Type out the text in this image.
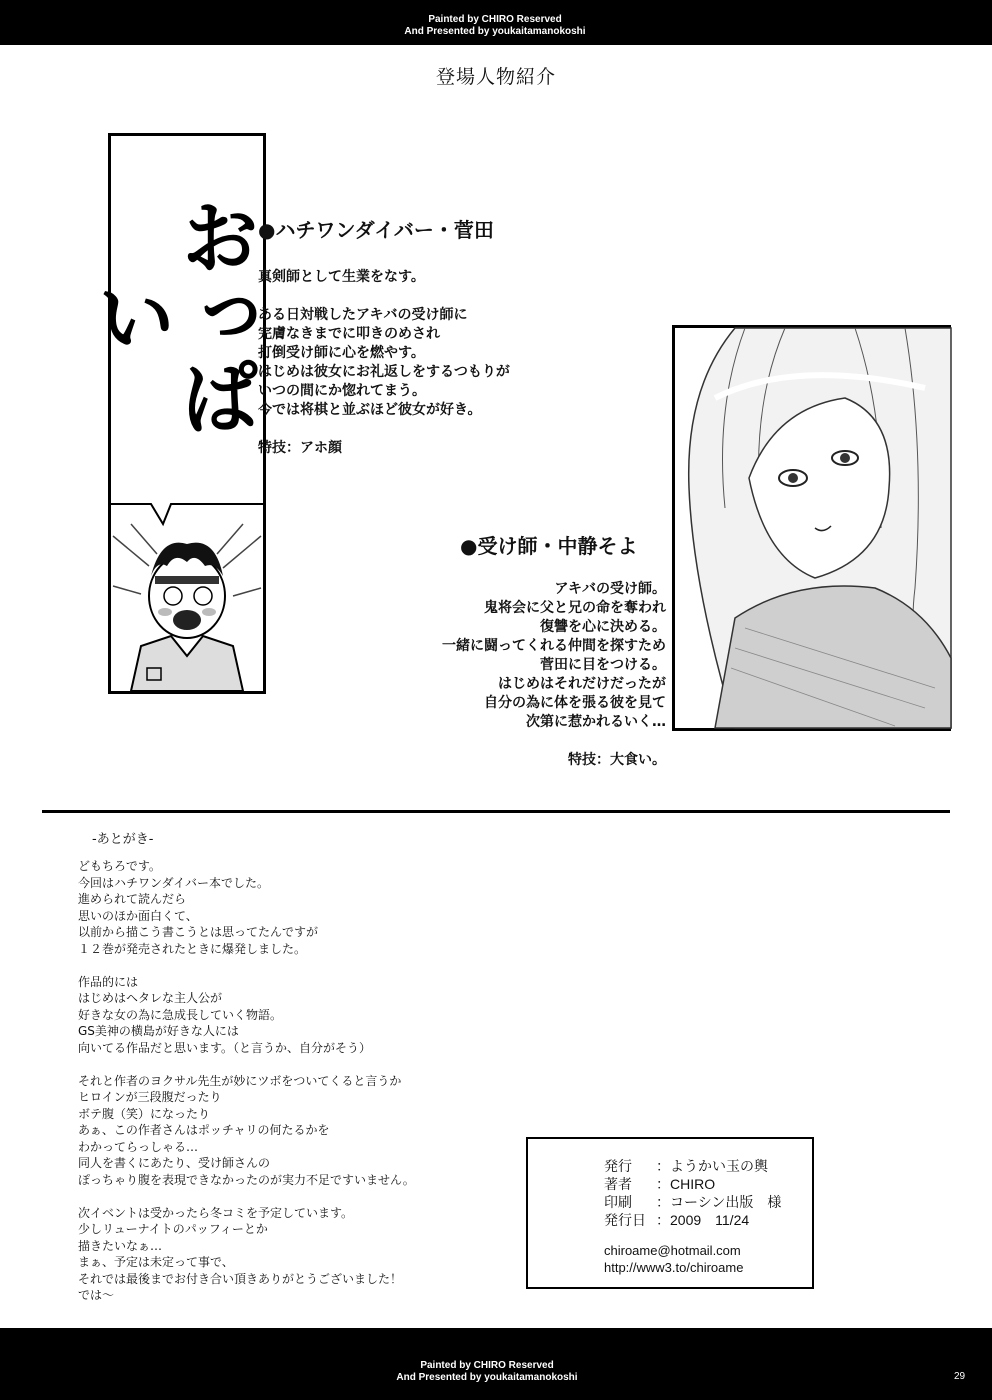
Painted by CHIRO Reserved
And Presented by youkaitamanokoshi
登場人物紹介
おっぱい
●ハチワンダイバー・菅田

真剣師として生業をなす。

ある日対戦したアキバの受け師に

完膚なきまでに叩きのめされ

打倒受け師に心を燃やす。

はじめは彼女にお礼返しをするつもりが

いつの間にか惚れてまう。

今では将棋と並ぶほど彼女が好き。

特技：アホ顔

●受け師・中静そよ

アキバの受け師。

鬼将会に父と兄の命を奪われ

復讐を心に決める。

一緒に闘ってくれる仲間を探すため

菅田に目をつける。

はじめはそれだけだったが

自分の為に体を張る彼を見て

次第に惹かれるいく…

特技：大食い。

-あとがき-

どもちろです。

今回はハチワンダイバー本でした。

進められて読んだら

思いのほか面白くて、

以前から描こう書こうとは思ってたんですが

１２巻が発売されたときに爆発しました。

作品的には

はじめはヘタレな主人公が

好きな女の為に急成長していく物語。

GS美神の横島が好きな人には

向いてる作品だと思います。（と言うか、自分がそう）

それと作者のヨクサル先生が妙にツボをついてくると言うか

ヒロインが三段腹だったり

ボテ腹（笑）になったり

あぁ、この作者さんはポッチャリの何たるかを

わかってらっしゃる…

同人を書くにあたり、受け師さんの

ぽっちゃり腹を表現できなかったのが実力不足ですいません。

次イベントは受かったら冬コミを予定しています。

少しリューナイトのパッフィーとか

描きたいなぁ…

まぁ、予定は未定って事で、

それでは最後までお付き合い頂きありがとうございました！

では～

発行 ：ようかい玉の輿
著者 ：CHIRO
印刷 ：コーシン出版　様
発行日 ：2009　11/24
chiroame@hotmail.com
http://www3.to/chiroame
Painted by CHIRO Reserved
And Presented by youkaitamanokoshi	29
